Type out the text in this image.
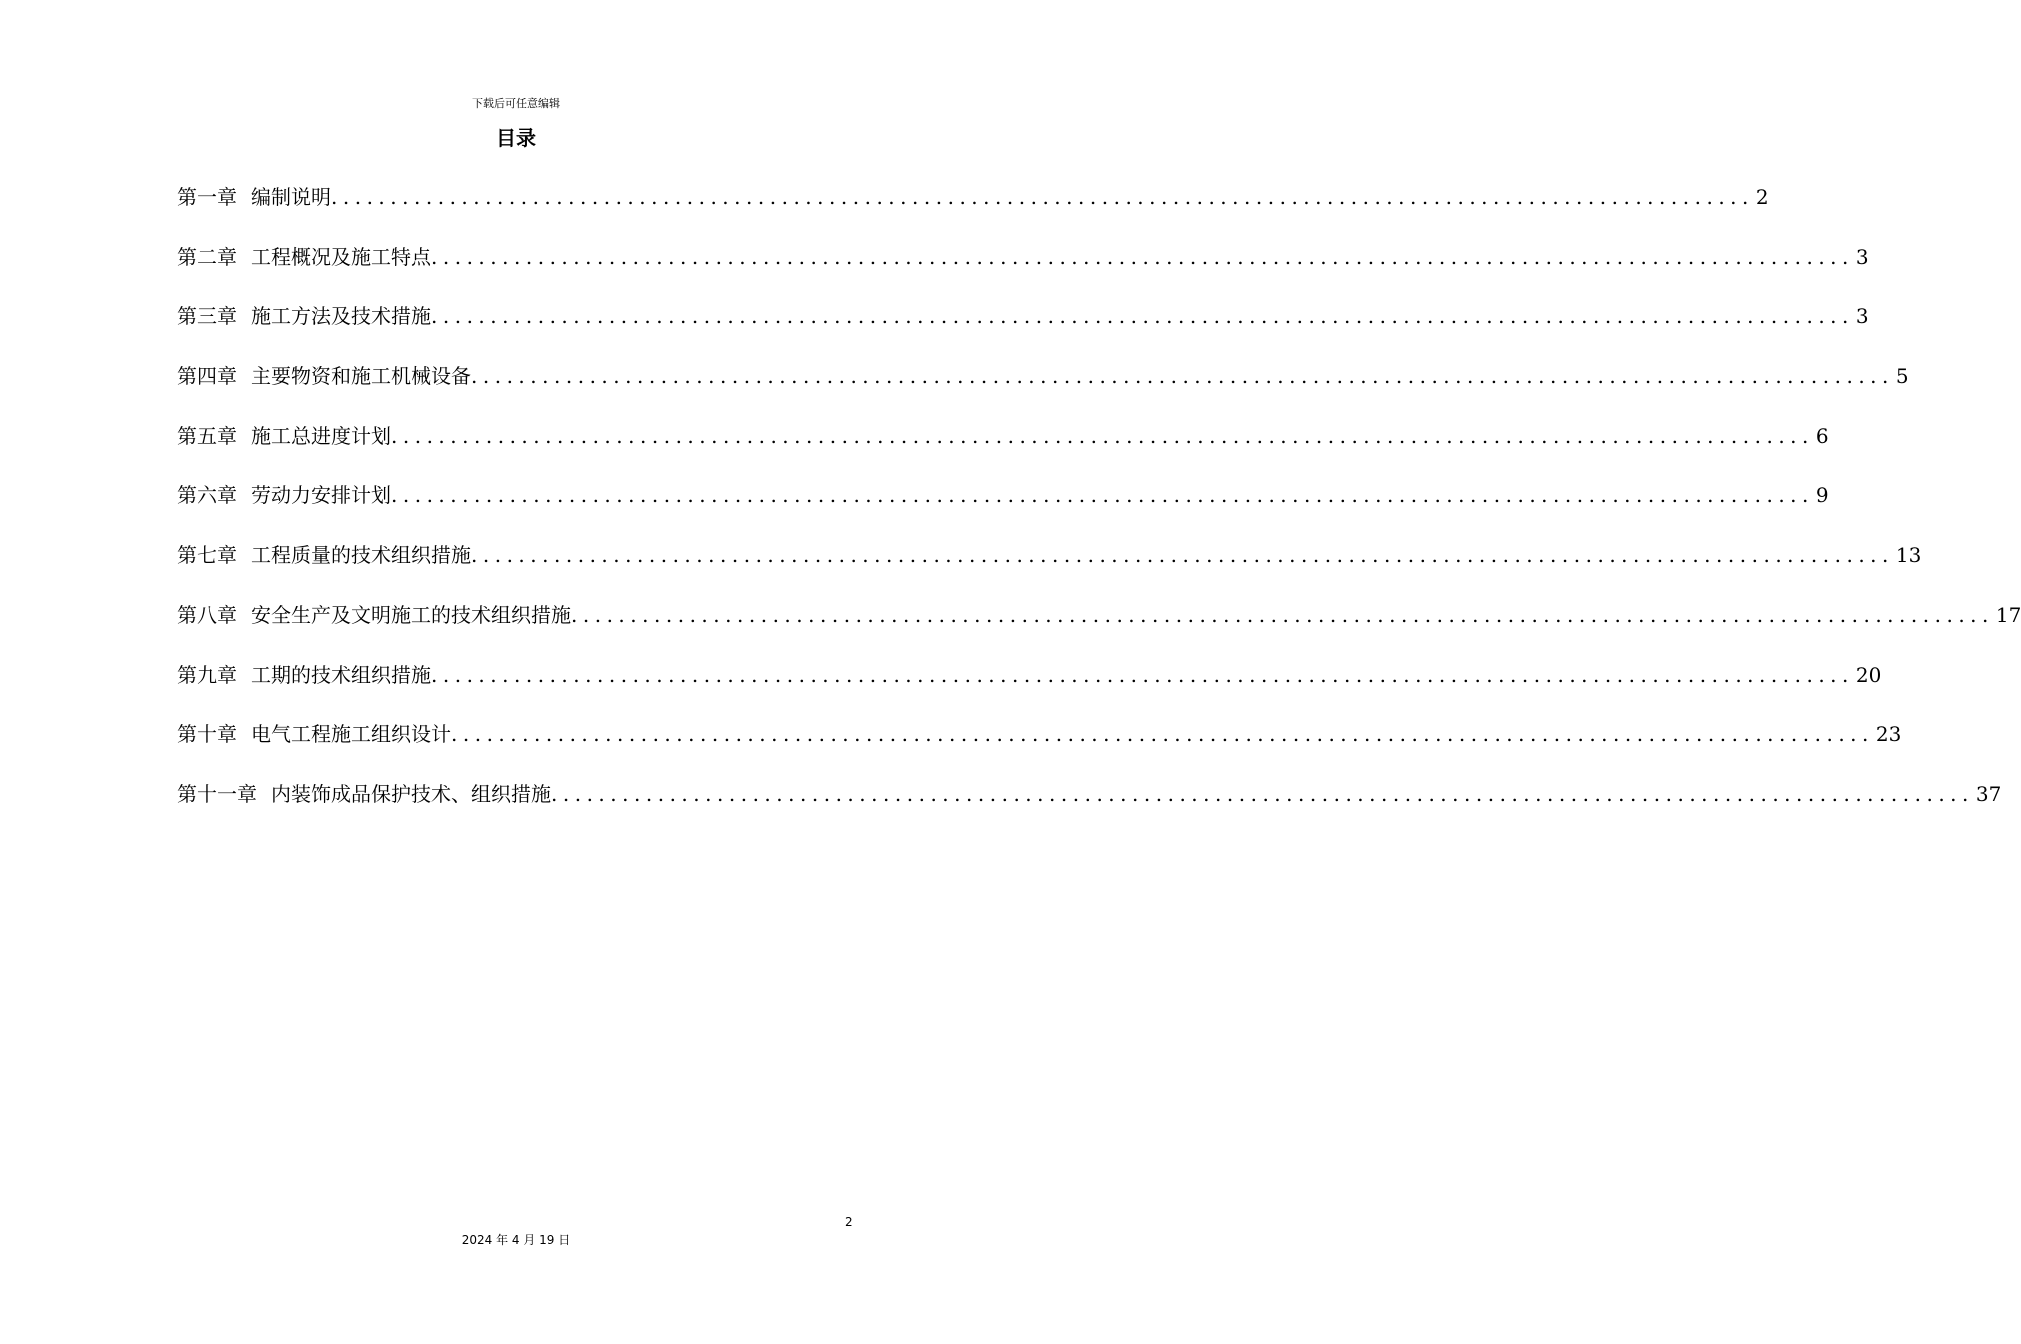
下载后可任意编辑
目录
第一章 编制说明 ........................................................................................................................ 2
第二章 工程概况及施工特点 ........................................................................................................................ 3
第三章 施工方法及技术措施 ........................................................................................................................ 3
第四章 主要物资和施工机械设备 ........................................................................................................................ 5
第五章 施工总进度计划 ........................................................................................................................ 6
第六章 劳动力安排计划 ........................................................................................................................ 9
第七章 工程质量的技术组织措施 ........................................................................................................................ 13
第八章 安全生产及文明施工的技术组织措施 ........................................................................................................................ 17
第九章 工期的技术组织措施 ........................................................................................................................ 20
第十章 电气工程施工组织设计 ........................................................................................................................ 23
第十一章 内装饰成品保护技术、组织措施 ........................................................................................................................ 37
2
2024 年 4 月 19 日
